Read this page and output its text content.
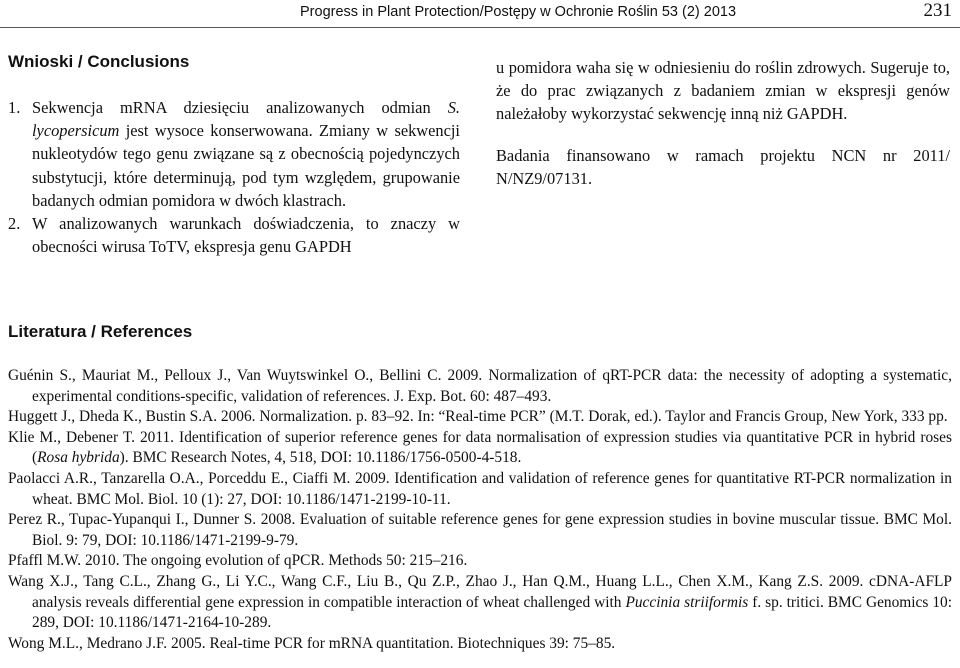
Progress in Plant Protection/Postępy w Ochronie Roślin 53 (2) 2013	231
Wnioski / Conclusions

1. Sekwencja mRNA dziesięciu analizowanych odmian S. lycopersicum jest wysoce konserwowana. Zmiany w sekwencji nukleotydów tego genu związane są z obecnością pojedynczych substytucji, które determinują, pod tym względem, grupowanie badanych odmian pomidora w dwóch klastrach.

2. W analizowanych warunkach doświadczenia, to znaczy w obecności wirusa ToTV, ekspresja genu GAPDH

u pomidora waha się w odniesieniu do roślin zdrowych. Sugeruje to, że do prac związanych z badaniem zmian w ekspresji genów należałoby wykorzystać sekwencję inną niż GAPDH.

Badania finansowano w ramach projektu NCN nr 2011/ N/NZ9/07131.

Literatura / References

Guénin S., Mauriat M., Pelloux J., Van Wuytswinkel O., Bellini C. 2009. Normalization of qRT-PCR data: the necessity of adopting a systematic, experimental conditions-specific, validation of references. J. Exp. Bot. 60: 487–493.

Huggett J., Dheda K., Bustin S.A. 2006. Normalization. p. 83–92. In: “Real-time PCR” (M.T. Dorak, ed.). Taylor and Francis Group, New York, 333 pp.

Klie M., Debener T. 2011. Identification of superior reference genes for data normalisation of expression studies via quantitative PCR in hybrid roses (Rosa hybrida). BMC Research Notes, 4, 518, DOI: 10.1186/1756-0500-4-518.

Paolacci A.R., Tanzarella O.A., Porceddu E., Ciaffi M. 2009. Identification and validation of reference genes for quantitative RT-PCR normalization in wheat. BMC Mol. Biol. 10 (1): 27, DOI: 10.1186/1471-2199-10-11.

Perez R., Tupac-Yupanqui I., Dunner S. 2008. Evaluation of suitable reference genes for gene expression studies in bovine muscular tissue. BMC Mol. Biol. 9: 79, DOI: 10.1186/1471-2199-9-79.

Pfaffl M.W. 2010. The ongoing evolution of qPCR. Methods 50: 215–216.

Wang X.J., Tang C.L., Zhang G., Li Y.C., Wang C.F., Liu B., Qu Z.P., Zhao J., Han Q.M., Huang L.L., Chen X.M., Kang Z.S. 2009. cDNA-AFLP analysis reveals differential gene expression in compatible interaction of wheat challenged with Puccinia striiformis f. sp. tritici. BMC Genomics 10: 289, DOI: 10.1186/1471-2164-10-289.

Wong M.L., Medrano J.F. 2005. Real-time PCR for mRNA quantitation. Biotechniques 39: 75–85.
